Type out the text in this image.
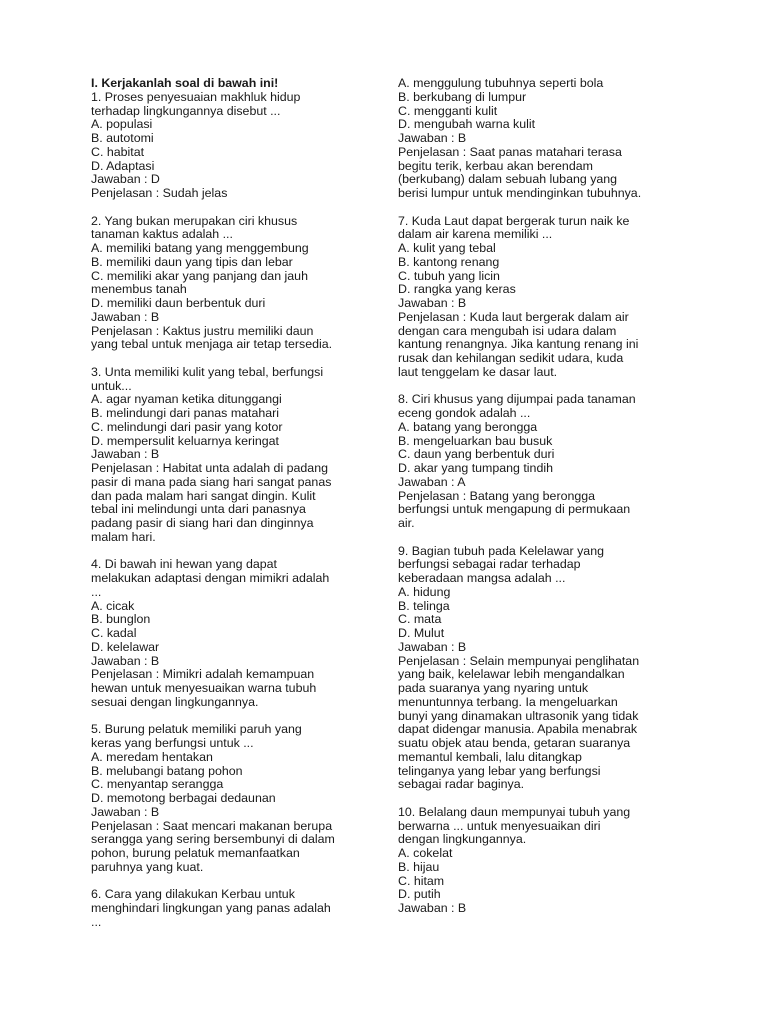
I. Kerjakanlah soal di bawah ini!
1. Proses penyesuaian makhluk hidup
terhadap lingkungannya disebut ...
A. populasi
B. autotomi
C. habitat
D. Adaptasi
Jawaban : D
Penjelasan : Sudah jelas
2. Yang bukan merupakan ciri khusus
tanaman kaktus adalah ...
A. memiliki batang yang menggembung
B. memiliki daun yang tipis dan lebar
C. memiliki akar yang panjang dan jauh
menembus tanah
D. memiliki daun berbentuk duri
Jawaban : B
Penjelasan : Kaktus justru memiliki daun
yang tebal untuk menjaga air tetap tersedia.
3. Unta memiliki kulit yang tebal, berfungsi
untuk...
A. agar nyaman ketika ditunggangi
B. melindungi dari panas matahari
C. melindungi dari pasir yang kotor
D. mempersulit keluarnya keringat
Jawaban : B
Penjelasan : Habitat unta adalah di padang
pasir di mana pada siang hari sangat panas
dan pada malam hari sangat dingin. Kulit
tebal ini melindungi unta dari panasnya
padang pasir di siang hari dan dinginnya
malam hari.
4. Di bawah ini hewan yang dapat
melakukan adaptasi dengan mimikri adalah
...
A. cicak
B. bunglon
C. kadal
D. kelelawar
Jawaban : B
Penjelasan : Mimikri adalah kemampuan
hewan untuk menyesuaikan warna tubuh
sesuai dengan lingkungannya.
5. Burung pelatuk memiliki paruh yang
keras yang berfungsi untuk ...
A. meredam hentakan
B. melubangi batang pohon
C. menyantap serangga
D. memotong berbagai dedaunan
Jawaban : B
Penjelasan : Saat mencari makanan berupa
serangga yang sering bersembunyi di dalam
pohon, burung pelatuk memanfaatkan
paruhnya yang kuat.
6. Cara yang dilakukan Kerbau untuk
menghindari lingkungan yang panas adalah
...
A. menggulung tubuhnya seperti bola
B. berkubang di lumpur
C. mengganti kulit
D. mengubah warna kulit
Jawaban : B
Penjelasan : Saat panas matahari terasa
begitu terik, kerbau akan berendam
(berkubang) dalam sebuah lubang yang
berisi lumpur untuk mendinginkan tubuhnya.
7. Kuda Laut dapat bergerak turun naik ke
dalam air karena memiliki ...
A. kulit yang tebal
B. kantong renang
C. tubuh yang licin
D. rangka yang keras
Jawaban : B
Penjelasan : Kuda laut bergerak dalam air
dengan cara mengubah isi udara dalam
kantung renangnya. Jika kantung renang ini
rusak dan kehilangan sedikit udara, kuda
laut tenggelam ke dasar laut.
8. Ciri khusus yang dijumpai pada tanaman
eceng gondok adalah ...
A. batang yang berongga
B. mengeluarkan bau busuk
C. daun yang berbentuk duri
D. akar yang tumpang tindih
Jawaban : A
Penjelasan : Batang yang berongga
berfungsi untuk mengapung di permukaan
air.
9. Bagian tubuh pada Kelelawar yang
berfungsi sebagai radar terhadap
keberadaan mangsa adalah ...
A. hidung
B. telinga
C. mata
D. Mulut
Jawaban : B
Penjelasan : Selain mempunyai penglihatan
yang baik, kelelawar lebih mengandalkan
pada suaranya yang nyaring untuk
menuntunnya terbang. Ia mengeluarkan
bunyi yang dinamakan ultrasonik yang tidak
dapat didengar manusia. Apabila menabrak
suatu objek atau benda, getaran suaranya
memantul kembali, lalu ditangkap
telinganya yang lebar yang berfungsi
sebagai radar baginya.
10. Belalang daun mempunyai tubuh yang
berwarna ... untuk menyesuaikan diri
dengan lingkungannya.
A. cokelat
B. hijau
C. hitam
D. putih
Jawaban : B
